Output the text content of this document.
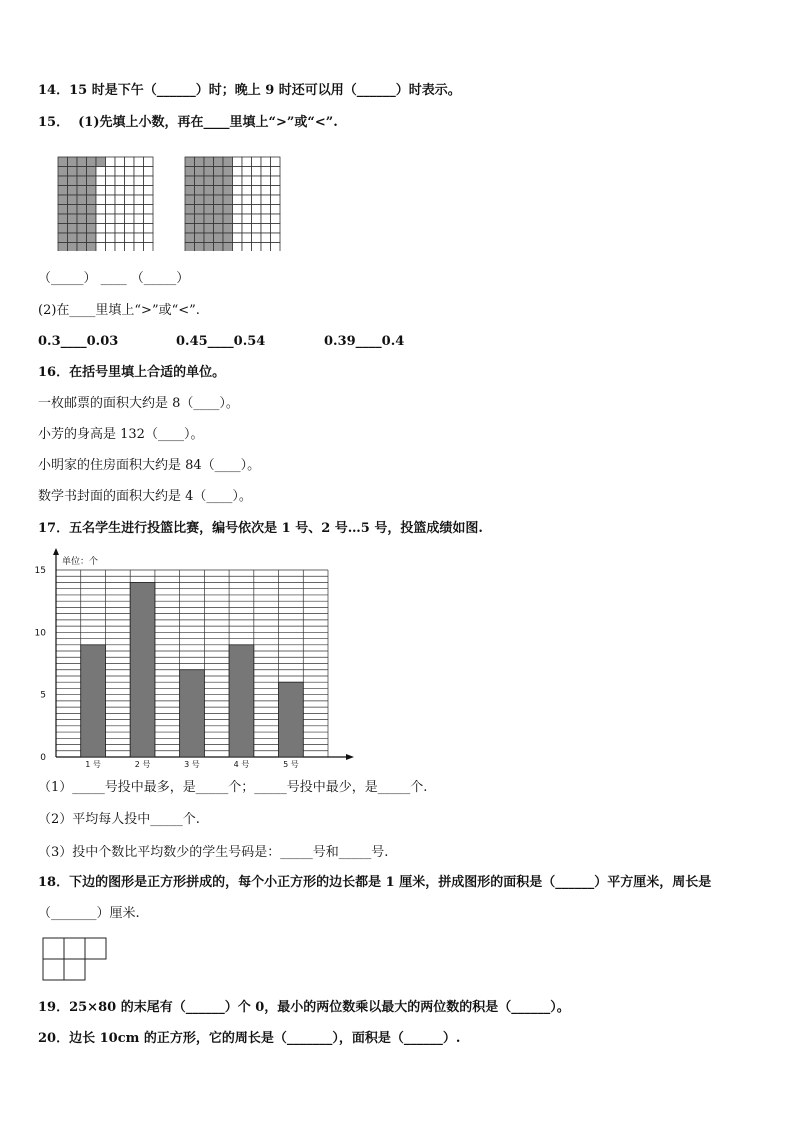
14．15 时是下午（______）时；晚上 9 时还可以用（______）时表示。
15． (1)先填上小数，再在____里填上“>”或“<”.
（_____） ____ （_____）
(2)在____里填上“>”或“<”.
0.3____0.03	0.45____0.54	0.39____0.4
16．在括号里填上合适的单位。
一枚邮票的面积大约是 8（____）。
小芳的身高是 132（____）。
小明家的住房面积大约是 84（____）。
数学书封面的面积大约是 4（____）。
17．五名学生进行投篮比赛，编号依次是 1 号、2 号…5 号，投篮成绩如图.
单位：个
0
5
10
15
1 号	2 号	3 号	4 号	5 号
（1）_____号投中最多，是_____个；_____号投中最少，是_____个.
（2）平均每人投中_____个.
（3）投中个数比平均数少的学生号码是：_____号和_____号.
18．下边的图形是正方形拼成的，每个小正方形的边长都是 1 厘米，拼成图形的面积是（______）平方厘米，周长是
（_______）厘米.
19．25×80 的末尾有（______）个 0，最小的两位数乘以最大的两位数的积是（______）。
20．边长 10cm 的正方形，它的周长是（_______），面积是（______）.
